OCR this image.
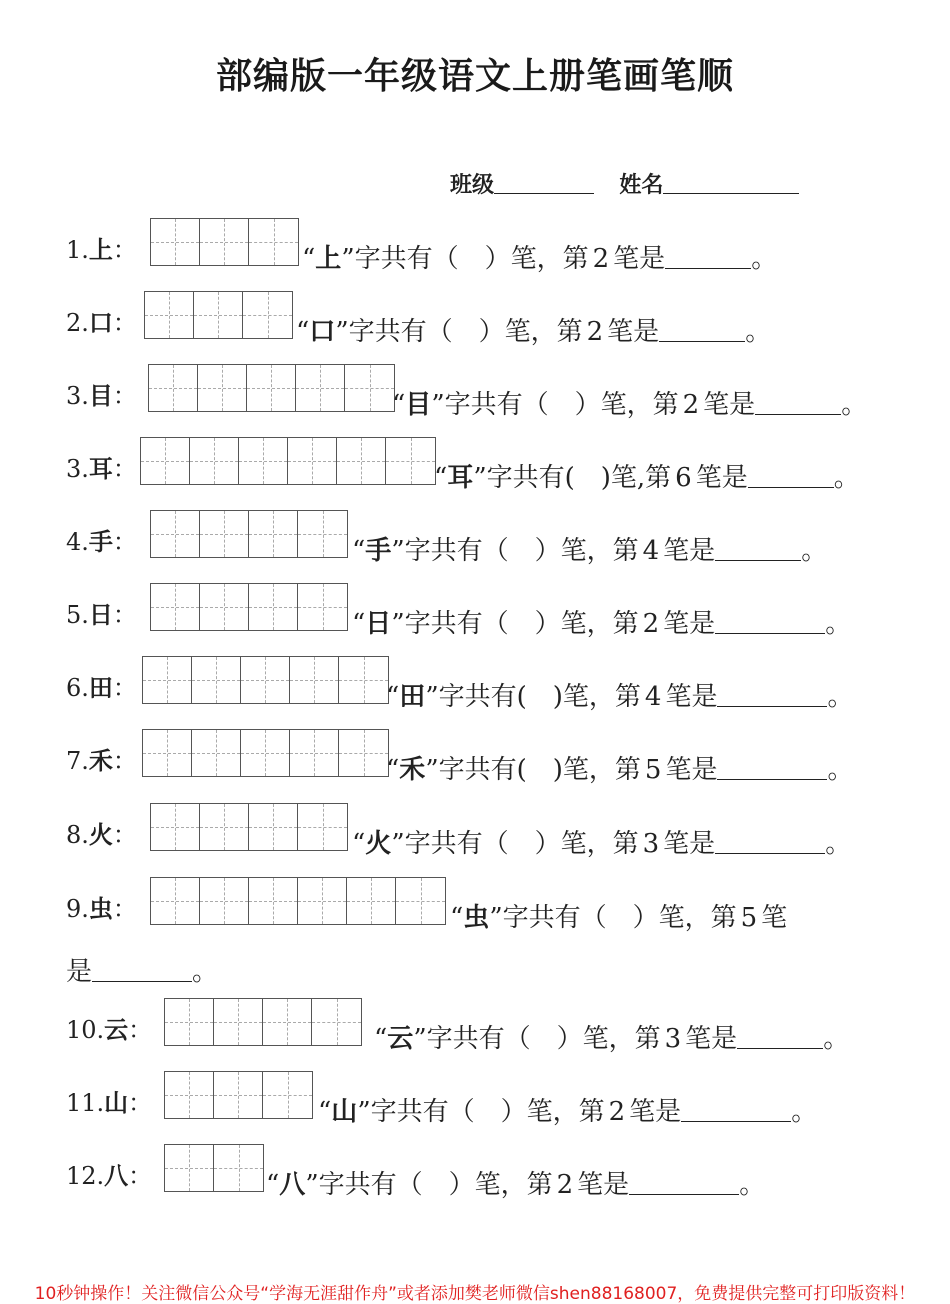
部编版一年级语文上册笔画笔顺
班级	姓名
1.上：	“上”字共有（　）笔，第 2 笔是	。
2.口：	“口”字共有（　）笔，第 2 笔是	。
3.目：	“目”字共有（　）笔，第 2 笔是	。
3.耳：	“耳”字共有(　)笔,第 6 笔是	。
4.手：	“手”字共有（　）笔，第 4 笔是	。
5.日：	“日”字共有（　）笔，第 2 笔是	。
6.田：	“田”字共有(　)笔，第 4 笔是	。
7.禾：	“禾”字共有(　)笔，第 5 笔是	。
8.火：	“火”字共有（　）笔，第 3 笔是	。
9.虫：	“虫”字共有（　）笔，第 5 笔
是	。
10.云：	“云”字共有（　）笔，第 3 笔是	。
11.山：	“山”字共有（　）笔，第 2 笔是	。
12.八：	“八”字共有（　）笔，第 2 笔是	。
10秒钟操作！关注微信公众号“学海无涯甜作舟”或者添加樊老师微信shen88168007，免费提供完整可打印版资料！
